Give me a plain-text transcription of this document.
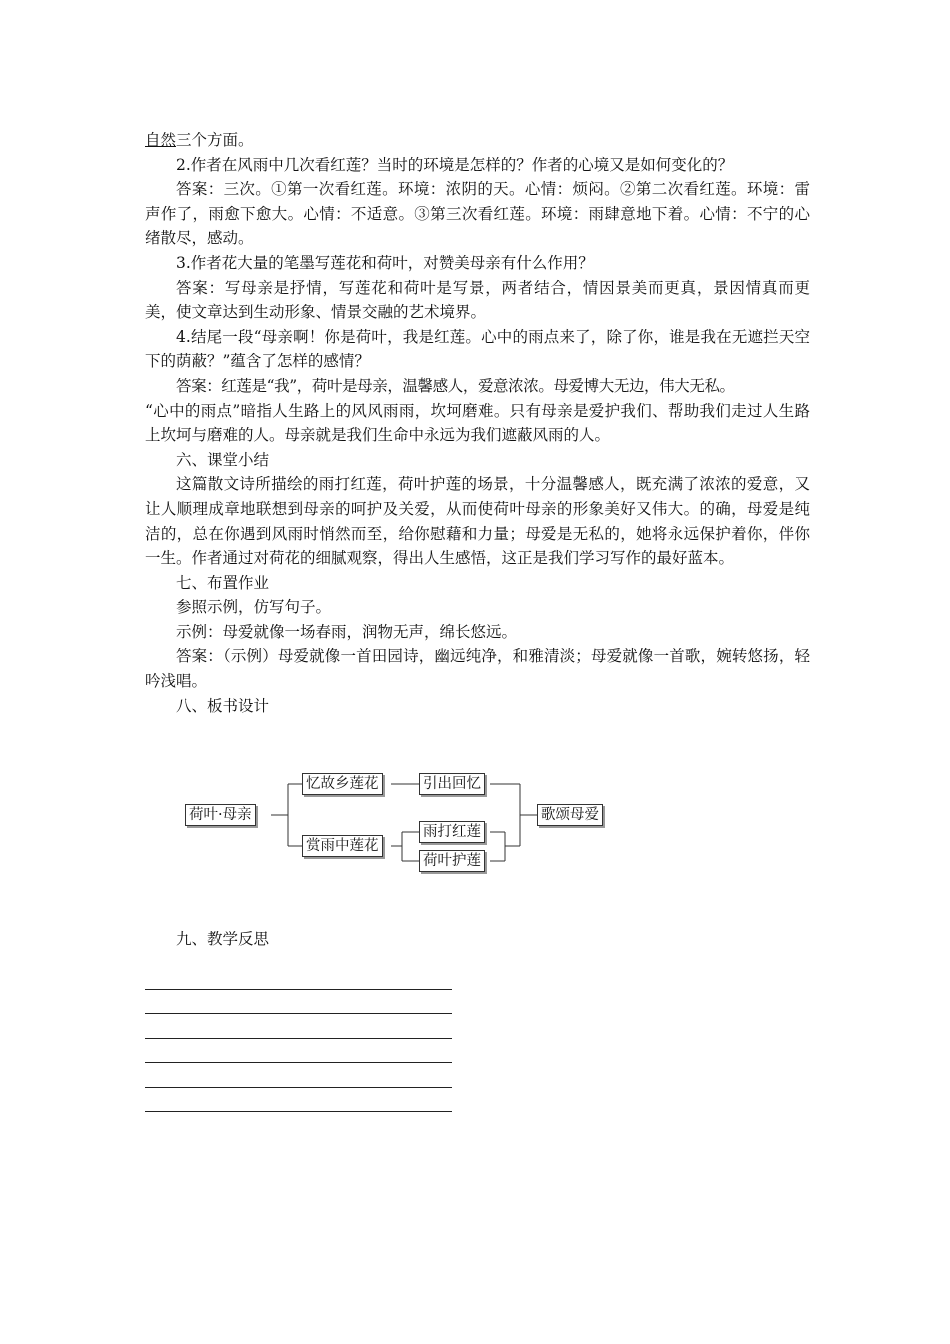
自然三个方面。

2.作者在风雨中几次看红莲？当时的环境是怎样的？作者的心境又是如何变化的？

答案：三次。①第一次看红莲。环境：浓阴的天。心情：烦闷。②第二次看红莲。环境：雷声作了，雨愈下愈大。心情：不适意。③第三次看红莲。环境：雨肆意地下着。心情：不宁的心绪散尽，感动。

3.作者花大量的笔墨写莲花和荷叶，对赞美母亲有什么作用？

答案：写母亲是抒情，写莲花和荷叶是写景，两者结合，情因景美而更真，景因情真而更美，使文章达到生动形象、情景交融的艺术境界。

4.结尾一段“母亲啊！你是荷叶，我是红莲。心中的雨点来了，除了你，谁是我在无遮拦天空下的荫蔽？”蕴含了怎样的感情？

答案：红莲是“我”，荷叶是母亲，温馨感人，爱意浓浓。母爱博大无边，伟大无私。

“心中的雨点”暗指人生路上的风风雨雨，坎坷磨难。只有母亲是爱护我们、帮助我们走过人生路上坎坷与磨难的人。母亲就是我们生命中永远为我们遮蔽风雨的人。

六、课堂小结

这篇散文诗所描绘的雨打红莲，荷叶护莲的场景，十分温馨感人，既充满了浓浓的爱意，又让人顺理成章地联想到母亲的呵护及关爱，从而使荷叶母亲的形象美好又伟大。的确，母爱是纯洁的，总在你遇到风雨时悄然而至，给你慰藉和力量；母爱是无私的，她将永远保护着你，伴你一生。作者通过对荷花的细腻观察，得出人生感悟，这正是我们学习写作的最好蓝本。

七、布置作业

参照示例，仿写句子。

示例：母爱就像一场春雨，润物无声，绵长悠远。

答案：（示例）母爱就像一首田园诗，幽远纯净，和雅清淡；母爱就像一首歌，婉转悠扬，轻吟浅唱。

八、板书设计

荷叶·母亲
忆故乡莲花	引出回忆
赏雨中莲花
雨打红莲
荷叶护莲
歌颂母爱
九、教学反思
